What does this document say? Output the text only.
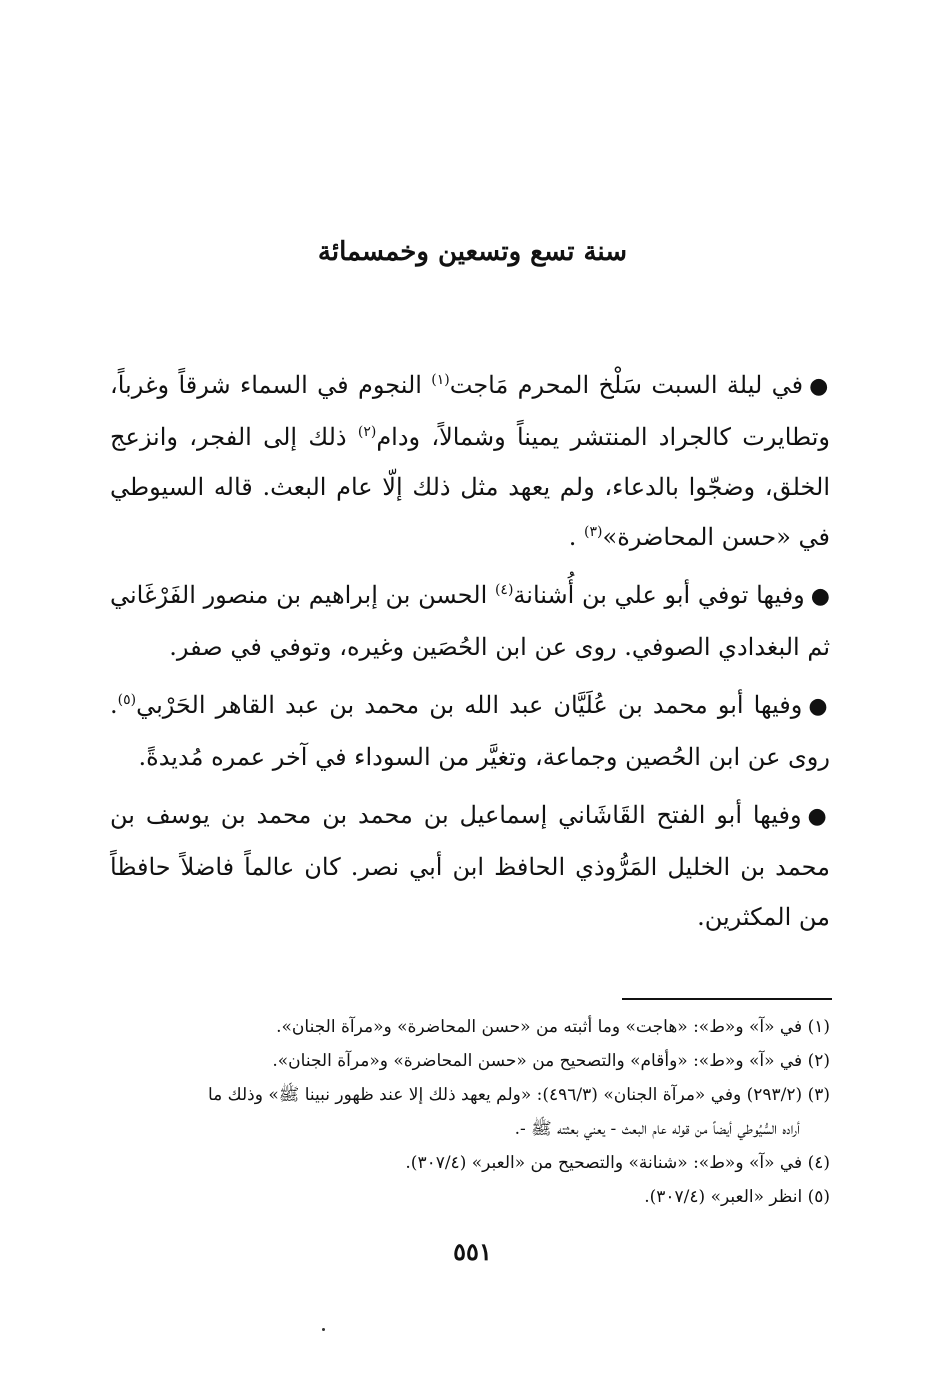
سنة تسع وتسعين وخمسمائة

●في ليلة السبت سَلْخ المحرم مَاجت$^{(١)}$ النجوم في السماء شرقاً وغرباً، وتطايرت كالجراد المنتشر يميناً وشمالاً، ودام$^{(٢)}$ ذلك إلى الفجر، وانزعج الخلق، وضجّوا بالدعاء، ولم يعهد مثل ذلك إلّا عام البعث. قاله السيوطي في «حسن المحاضرة»$^{(٣)}$ .

●وفيها توفي أبو علي بن أُشنانة$^{(٤)}$ الحسن بن إبراهيم بن منصور الفَرْغَاني ثم البغدادي الصوفي. روى عن ابن الحُصَين وغيره، وتوفي في صفر.

●وفيها أبو محمد بن عُلَيَّان عبد الله بن محمد بن عبد القاهر الحَرْبي$^{(٥)}$. روى عن ابن الحُصين وجماعة، وتغيَّر من السوداء في آخر عمره مُديدةً.

●وفيها أبو الفتح القَاشَاني إسماعيل بن محمد بن محمد بن يوسف بن محمد بن الخليل المَرُّوذي الحافظ ابن أبي نصر. كان عالماً فاضلاً حافظاً من المكثرين.

(١) في «آ» و«ط»: «هاجت» وما أثبته من «حسن المحاضرة» و«مرآة الجنان».

(٢) في «آ» و«ط»: «وأقام» والتصحيح من «حسن المحاضرة» و«مرآة الجنان».

(٣) (٢٩٣/٢) وفي «مرآة الجنان» (٤٩٦/٣): «ولم يعهد ذلك إلا عند ظهور نبينا ﷺ» وذلك ما

أراده السُّيُوطي أيضاً من قوله عام البعث - يعني بعثته ﷺ -.

(٤) في «آ» و«ط»: «شنانة» والتصحيح من «العبر» (٣٠٧/٤).

(٥) انظر «العبر» (٣٠٧/٤).

٥٥١
